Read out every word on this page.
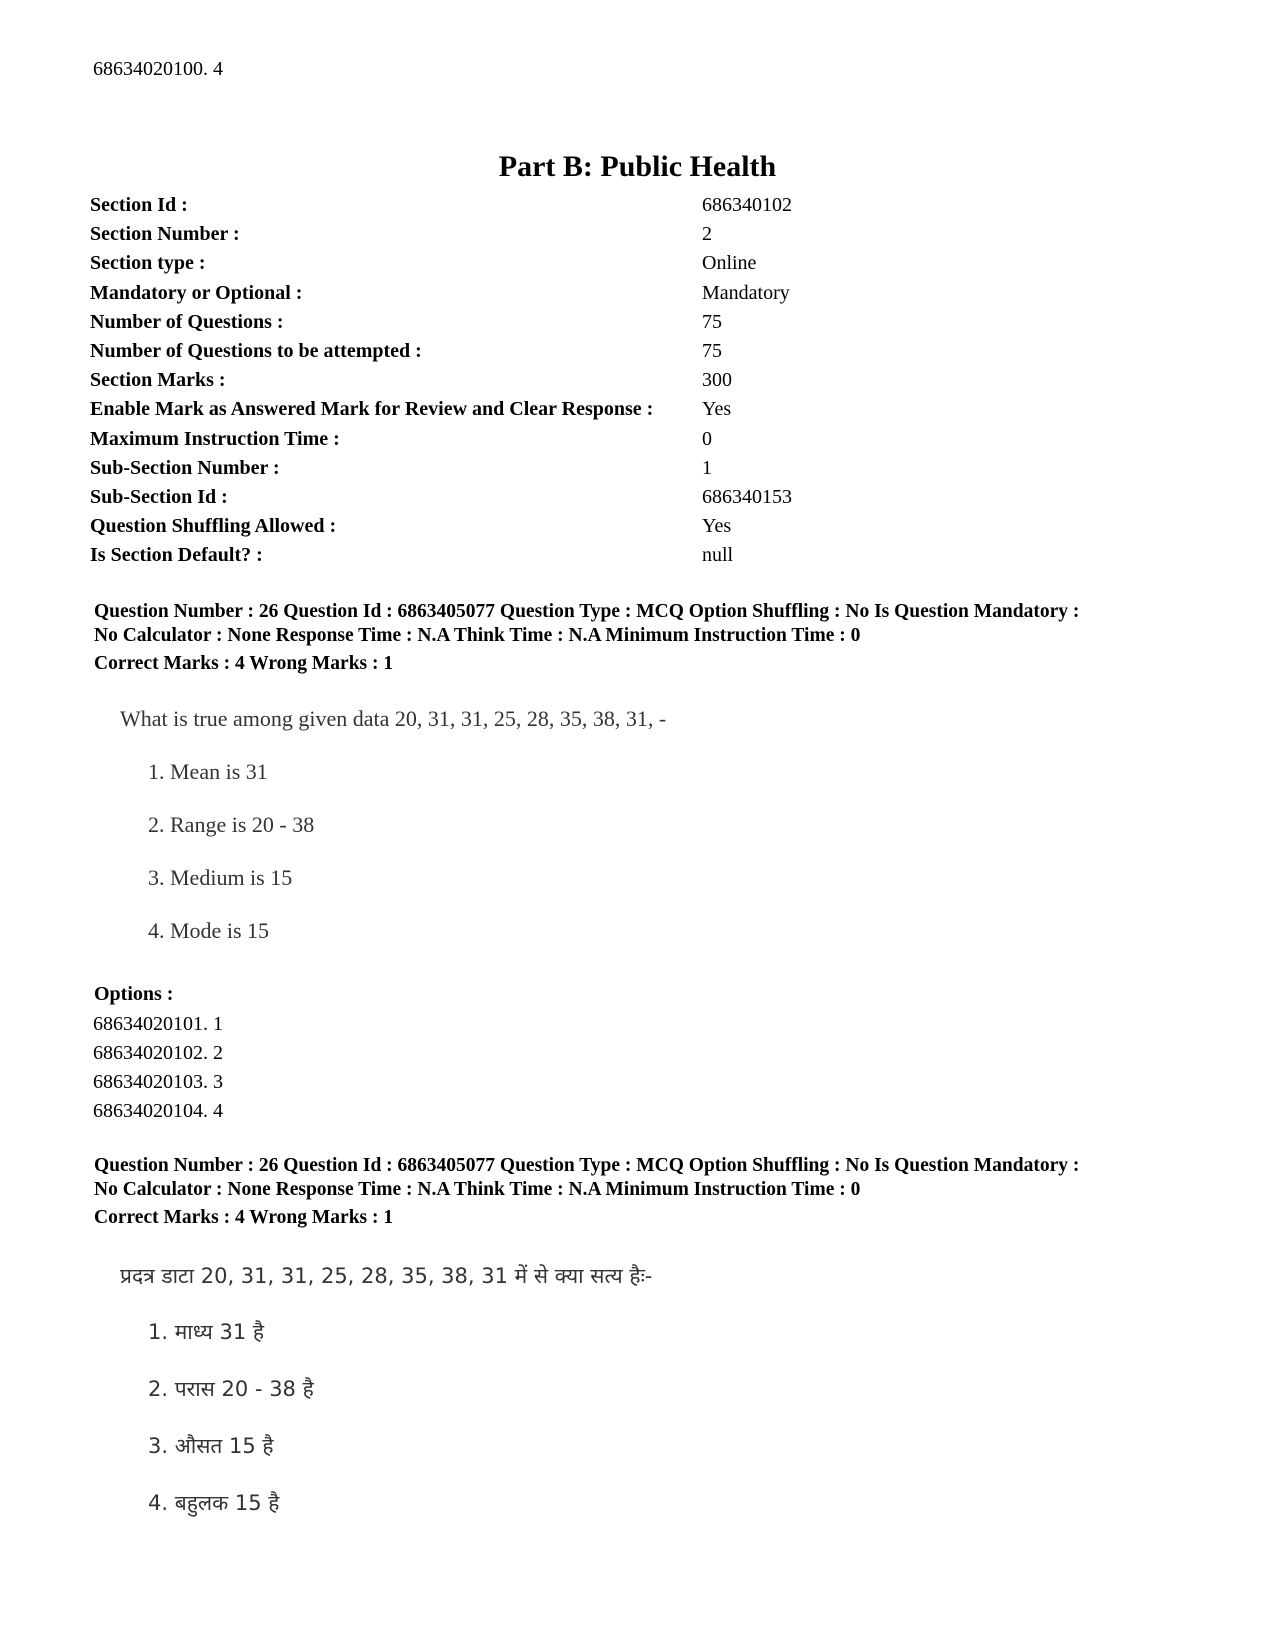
68634020100. 4
Part B: Public Health
Section Id :	686340102
Section Number :	2
Section type :	Online
Mandatory or Optional :	Mandatory
Number of Questions :	75
Number of Questions to be attempted :	75
Section Marks :	300
Enable Mark as Answered Mark for Review and Clear Response :	Yes
Maximum Instruction Time :	0
Sub-Section Number :	1
Sub-Section Id :	686340153
Question Shuffling Allowed :	Yes
Is Section Default? :	null
Question Number : 26 Question Id : 6863405077 Question Type : MCQ Option Shuffling : No Is Question Mandatory :
No Calculator : None Response Time : N.A Think Time : N.A Minimum Instruction Time : 0
Correct Marks : 4 Wrong Marks : 1
What is true among given data 20, 31, 31, 25, 28, 35, 38, 31, -
1. Mean is 31
2. Range is 20 - 38
3. Medium is 15
4. Mode is 15
Options :
68634020101. 1
68634020102. 2
68634020103. 3
68634020104. 4
Question Number : 26 Question Id : 6863405077 Question Type : MCQ Option Shuffling : No Is Question Mandatory :
No Calculator : None Response Time : N.A Think Time : N.A Minimum Instruction Time : 0
Correct Marks : 4 Wrong Marks : 1
प्रदत्र डाटा 20, 31, 31, 25, 28, 35, 38, 31 में से क्या सत्य हैः-
1. माध्य 31 है
2. परास 20 - 38 है
3. औसत 15 है
4. बहुलक 15 है
